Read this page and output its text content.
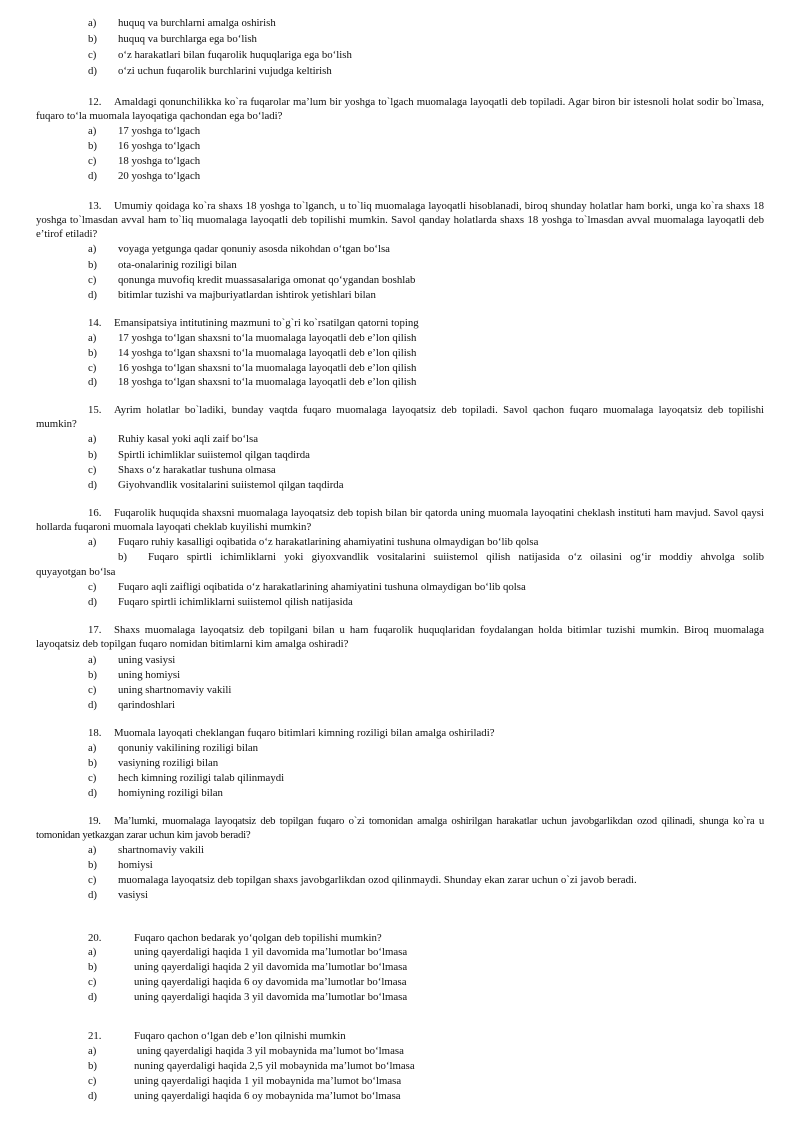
a) huquq va burchlarni amalga oshirish
b) huquq va burchlarga ega bo‘lish
c) o‘z harakatlari bilan fuqarolik huquqlariga ega bo‘lish
d) o‘zi uchun fuqarolik burchlarini vujudga keltirish
12. Amaldagi qonunchilikka ko`ra fuqarolar ma’lum bir yoshga to`lgach muomalaga layoqatli deb topiladi. Agar biron bir istesnoli holat sodir bo`lmasa, fuqaro to‘la muomala layoqatiga qachondan ega bo‘ladi?
a) 17 yoshga to‘lgach
b) 16 yoshga to‘lgach
c) 18 yoshga to‘lgach
d) 20 yoshga to‘lgach
13. Umumiy qoidaga ko`ra shaxs 18 yoshga to`lganch, u to`liq muomalaga layoqatli hisoblanadi, biroq shunday holatlar ham borki, unga ko`ra shaxs 18 yoshga to`lmasdan avval ham to`liq muomalaga layoqatli deb topilishi mumkin. Savol qanday holatlarda shaxs 18 yoshga to`lmasdan avval muomalaga layoqatli deb e’tirof etiladi?
a) voyaga yetgunga qadar qonuniy asosda nikohdan o‘tgan bo‘lsa
b) ota-onalarinig roziligi bilan
c) qonunga muvofiq kredit muassasalariga omonat qo‘ygandan boshlab
d) bitimlar tuzishi va majburiyatlardan ishtirok yetishlari bilan
14. Emansipatsiya intitutining mazmuni to`g`ri ko`rsatilgan qatorni toping
a) 17 yoshga to‘lgan shaxsni to‘la muomalaga layoqatli deb e’lon qilish
b) 14 yoshga to‘lgan shaxsni to‘la muomalaga layoqatli deb e’lon qilish
c) 16 yoshga to‘lgan shaxsni to‘la muomalaga layoqatli deb e’lon qilish
d) 18 yoshga to‘lgan shaxsni to‘la muomalaga layoqatli deb e’lon qilish
15. Ayrim holatlar bo`ladiki, bunday vaqtda fuqaro muomalaga layoqatsiz deb topiladi. Savol qachon fuqaro muomalaga layoqatsiz deb topilishi mumkin?
a) Ruhiy kasal yoki aqli zaif bo‘lsa
b) Spirtli ichimliklar suiistemol qilgan taqdirda
c) Shaxs o‘z harakatlar tushuna olmasa
d) Giyohvandlik vositalarini suiistemol qilgan taqdirda
16. Fuqarolik huquqida shaxsni muomalaga layoqatsiz deb topish bilan bir qatorda uning muomala layoqatini cheklash instituti ham mavjud. Savol qaysi hollarda fuqaroni muomala layoqati cheklab kuyilishi mumkin?
a) Fuqaro ruhiy kasalligi oqibatida o‘z harakatlarining ahamiyatini tushuna olmaydigan bo‘lib qolsa
b) Fuqaro spirtli ichimliklarni yoki giyoxvandlik vositalarini suiistemol qilish natijasida o‘z oilasini og‘ir moddiy ahvolga solib
quyayotgan bo‘lsa
c) Fuqaro aqli zaifligi oqibatida o‘z harakatlarining ahamiyatini tushuna olmaydigan bo‘lib qolsa
d) Fuqaro spirtli ichimliklarni suiistemol qilish natijasida
17. Shaxs muomalaga layoqatsiz deb topilgani bilan u ham fuqarolik huquqlaridan foydalangan holda bitimlar tuzishi mumkin. Biroq muomalaga layoqatsiz deb topilgan fuqaro nomidan bitimlarni kim amalga oshiradi?
a) uning vasiysi
b) uning homiysi
c) uning shartnomaviy vakili
d) qarindoshlari
18. Muomala layoqati cheklangan fuqaro bitimlari kimning roziligi bilan amalga oshiriladi?
a) qonuniy vakilining roziligi bilan
b) vasiyning roziligi bilan
c) hech kimning roziligi talab qilinmaydi
d) homiyning roziligi bilan
19. Ma’lumki, muomalaga layoqatsiz deb topilgan fuqaro o`zi tomonidan amalga oshirilgan harakatlar uchun javobgarlikdan ozod qilinadi, shunga ko`ra u tomonidan yetkazgan zarar uchun kim javob beradi?
a) shartnomaviy vakili
b) homiysi
c) muomalaga layoqatsiz deb topilgan shaxs javobgarlikdan ozod qilinmaydi. Shunday ekan zarar uchun o`zi javob beradi.
d) vasiysi
20.	Fuqaro qachon bedarak yo‘qolgan deb topilishi mumkin?
a)	uning qayerdaligi haqida 1 yil davomida ma’lumotlar bo‘lmasa
b)	uning qayerdaligi haqida 2 yil davomida ma’lumotlar bo‘lmasa
c)	uning qayerdaligi haqida 6 oy davomida ma’lumotlar bo‘lmasa
d)	uning qayerdaligi haqida 3 yil davomida ma’lumotlar bo‘lmasa
21.	Fuqaro qachon o‘lgan deb e’lon qilnishi mumkin
a)	uning qayerdaligi haqida 3 yil mobaynida ma’lumot bo‘lmasa
b)	nuning qayerdaligi haqida 2,5 yil mobaynida ma’lumot bo‘lmasa
c)	uning qayerdaligi haqida 1 yil mobaynida ma’lumot bo‘lmasa
d)	uning qayerdaligi haqida 6 oy mobaynida ma’lumot bo‘lmasa
